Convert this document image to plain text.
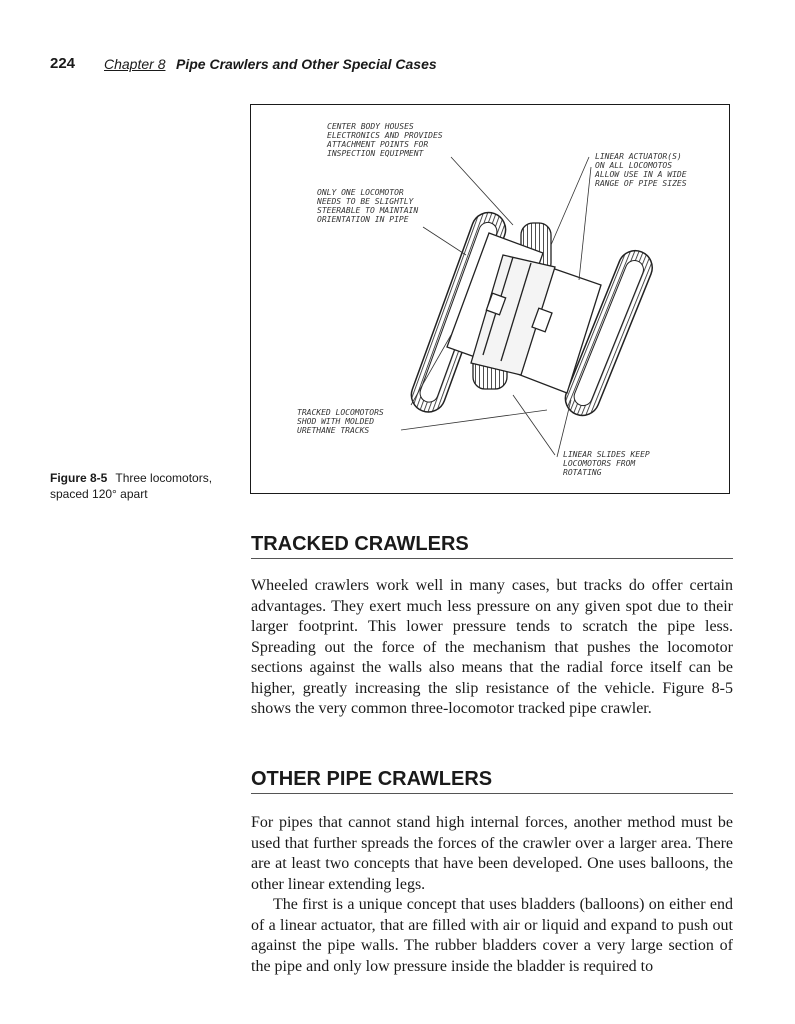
224 Chapter 8 Pipe Crawlers and Other Special Cases
CENTER BODY HOUSES
ELECTRONICS AND PROVIDES
ATTACHMENT POINTS FOR
INSPECTION EQUIPMENT
ONLY ONE LOCOMOTOR
NEEDS TO BE SLIGHTLY
STEERABLE TO MAINTAIN
ORIENTATION IN PIPE
LINEAR ACTUATOR(S)
ON ALL LOCOMOTOS
ALLOW USE IN A WIDE
RANGE OF PIPE SIZES
TRACKED LOCOMOTORS
SHOD WITH MOLDED
URETHANE TRACKS
LINEAR SLIDES KEEP
LOCOMOTORS FROM
ROTATING
Figure 8-5 Three locomotors, spaced 120° apart
TRACKED CRAWLERS

Wheeled crawlers work well in many cases, but tracks do offer certain advantages. They exert much less pressure on any given spot due to their larger footprint. This lower pressure tends to scratch the pipe less. Spreading out the force of the mechanism that pushes the locomotor sections against the walls also means that the radial force itself can be higher, greatly increasing the slip resistance of the vehicle. Figure 8-5 shows the very common three-locomotor tracked pipe crawler.

OTHER PIPE CRAWLERS

For pipes that cannot stand high internal forces, another method must be used that further spreads the forces of the crawler over a larger area. There are at least two concepts that have been developed. One uses balloons, the other linear extending legs.

The first is a unique concept that uses bladders (balloons) on either end of a linear actuator, that are filled with air or liquid and expand to push out against the pipe walls. The rubber bladders cover a very large section of the pipe and only low pressure inside the bladder is required to
